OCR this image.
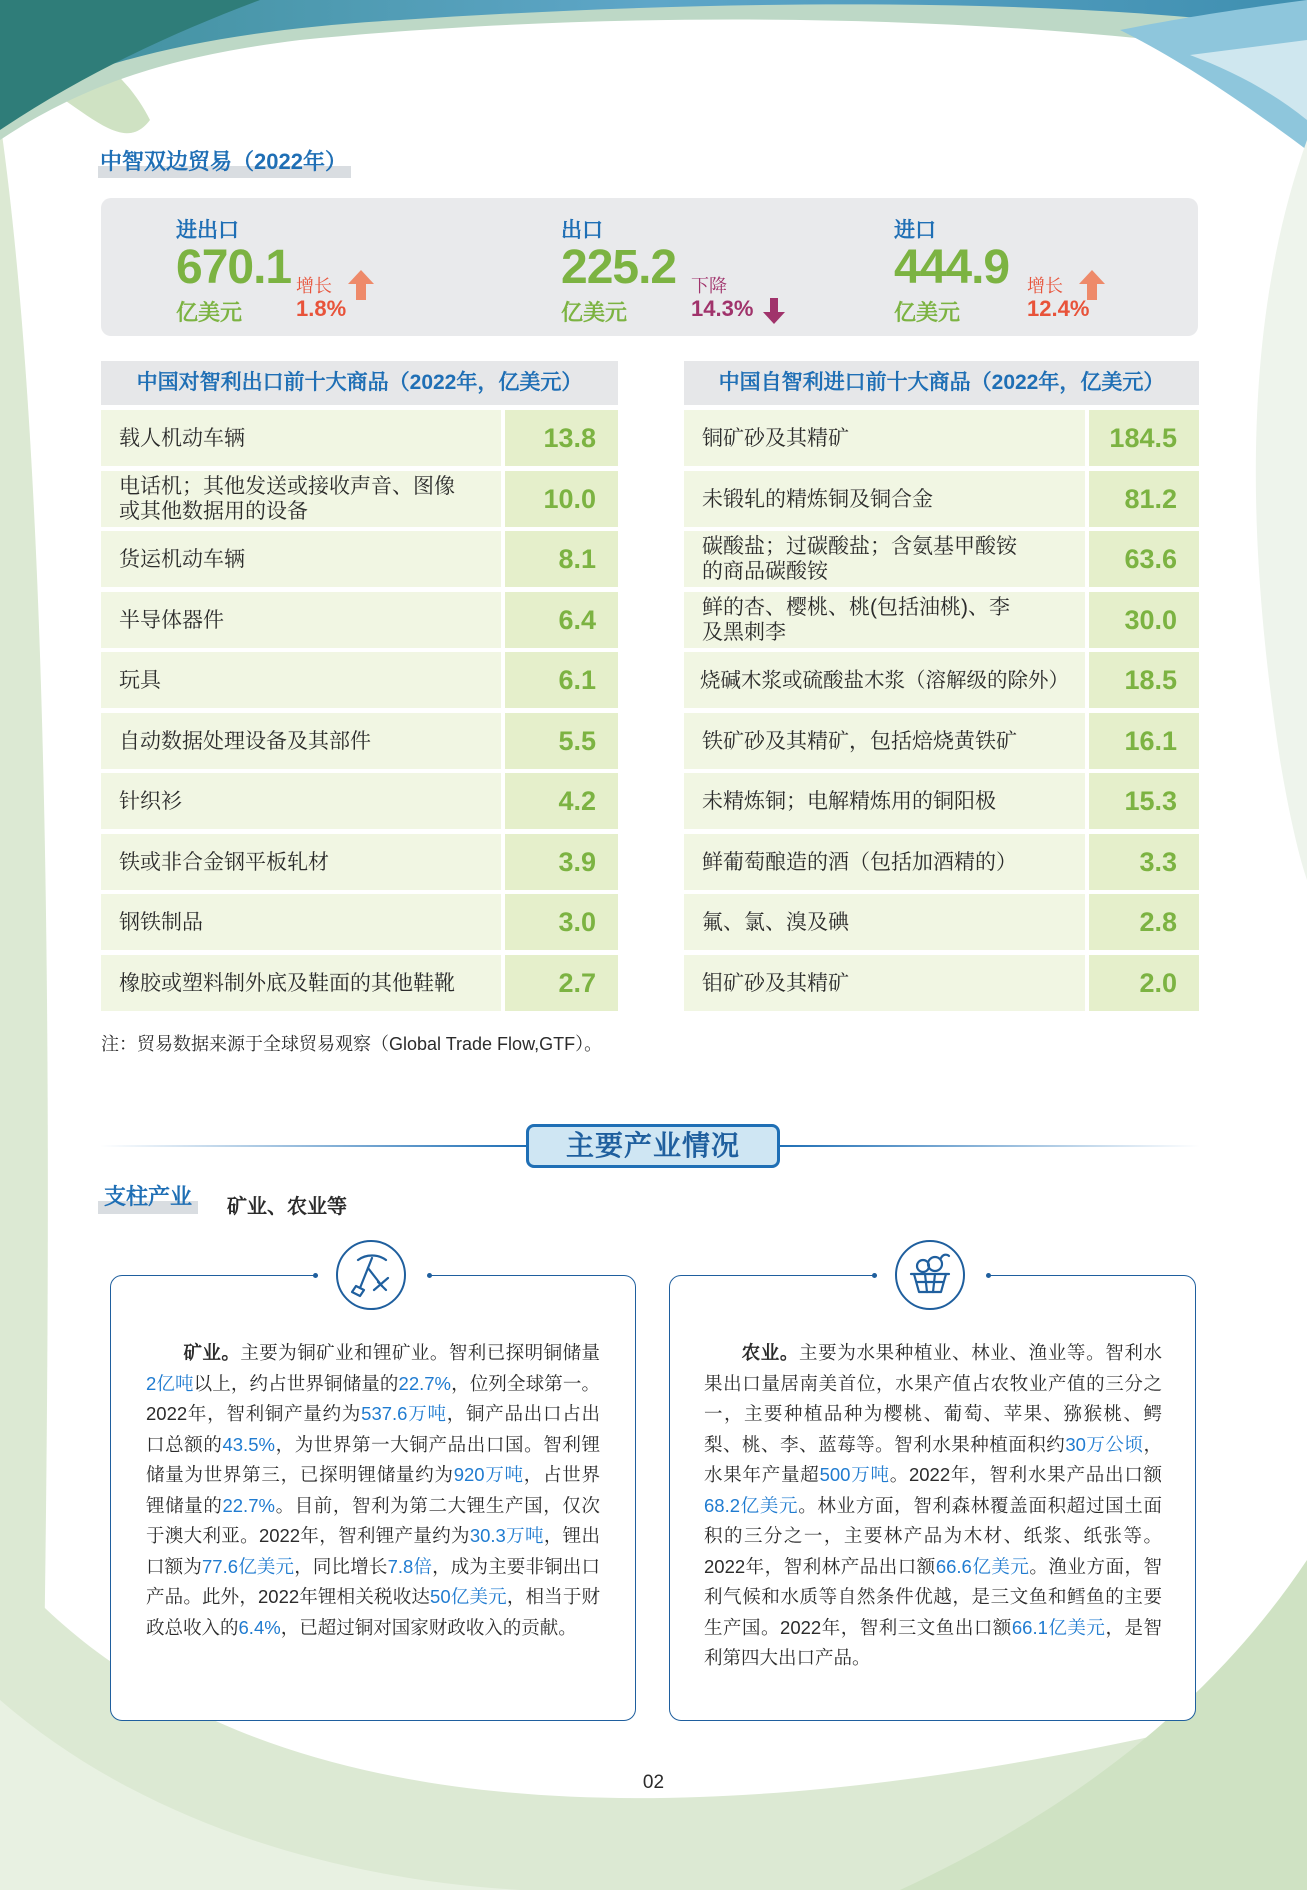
中智双边贸易（2022年）
进出口
670.1
亿美元
增长
1.8%
出口
225.2
亿美元
下降
14.3%
进口
444.9
亿美元
增长
12.4%
中国对智利出口前十大商品（2022年，亿美元）
载人机动车辆	13.8
电话机；其他发送或接收声音、图像或其他数据用的设备	10.0
货运机动车辆	8.1
半导体器件	6.4
玩具	6.1
自动数据处理设备及其部件	5.5
针织衫	4.2
铁或非合金钢平板轧材	3.9
钢铁制品	3.0
橡胶或塑料制外底及鞋面的其他鞋靴	2.7
中国自智利进口前十大商品（2022年，亿美元）
铜矿砂及其精矿	184.5
未锻轧的精炼铜及铜合金	81.2
碳酸盐；过碳酸盐；含氨基甲酸铵的商品碳酸铵	63.6
鲜的杏、樱桃、桃(包括油桃)、李及黑刺李	30.0
烧碱木浆或硫酸盐木浆（溶解级的除外）	18.5
铁矿砂及其精矿，包括焙烧黄铁矿	16.1
未精炼铜；电解精炼用的铜阳极	15.3
鲜葡萄酿造的酒（包括加酒精的）	3.3
氟、氯、溴及碘	2.8
钼矿砂及其精矿	2.0
注：贸易数据来源于全球贸易观察（Global Trade Flow,GTF）。
主要产业情况
支柱产业	矿业、农业等
矿业。主要为铜矿业和锂矿业。智利已探明铜储量2亿吨以上，约占世界铜储量的22.7%，位列全球第一。2022年，智利铜产量约为537.6万吨，铜产品出口占出口总额的43.5%，为世界第一大铜产品出口国。智利锂储量为世界第三，已探明锂储量约为920万吨，占世界锂储量的22.7%。目前，智利为第二大锂生产国，仅次于澳大利亚。2022年，智利锂产量约为30.3万吨，锂出口额为77.6亿美元，同比增长7.8倍，成为主要非铜出口产品。此外，2022年锂相关税收达50亿美元，相当于财政总收入的6.4%，已超过铜对国家财政收入的贡献。
农业。主要为水果种植业、林业、渔业等。智利水果出口量居南美首位，水果产值占农牧业产值的三分之一，主要种植品种为樱桃、葡萄、苹果、猕猴桃、鳄梨、桃、李、蓝莓等。智利水果种植面积约30万公顷，水果年产量超500万吨。2022年，智利水果产品出口额68.2亿美元。林业方面，智利森林覆盖面积超过国土面积的三分之一，主要林产品为木材、纸浆、纸张等。2022年，智利林产品出口额66.6亿美元。渔业方面，智利气候和水质等自然条件优越，是三文鱼和鳕鱼的主要生产国。2022年，智利三文鱼出口额66.1亿美元，是智利第四大出口产品。
02
